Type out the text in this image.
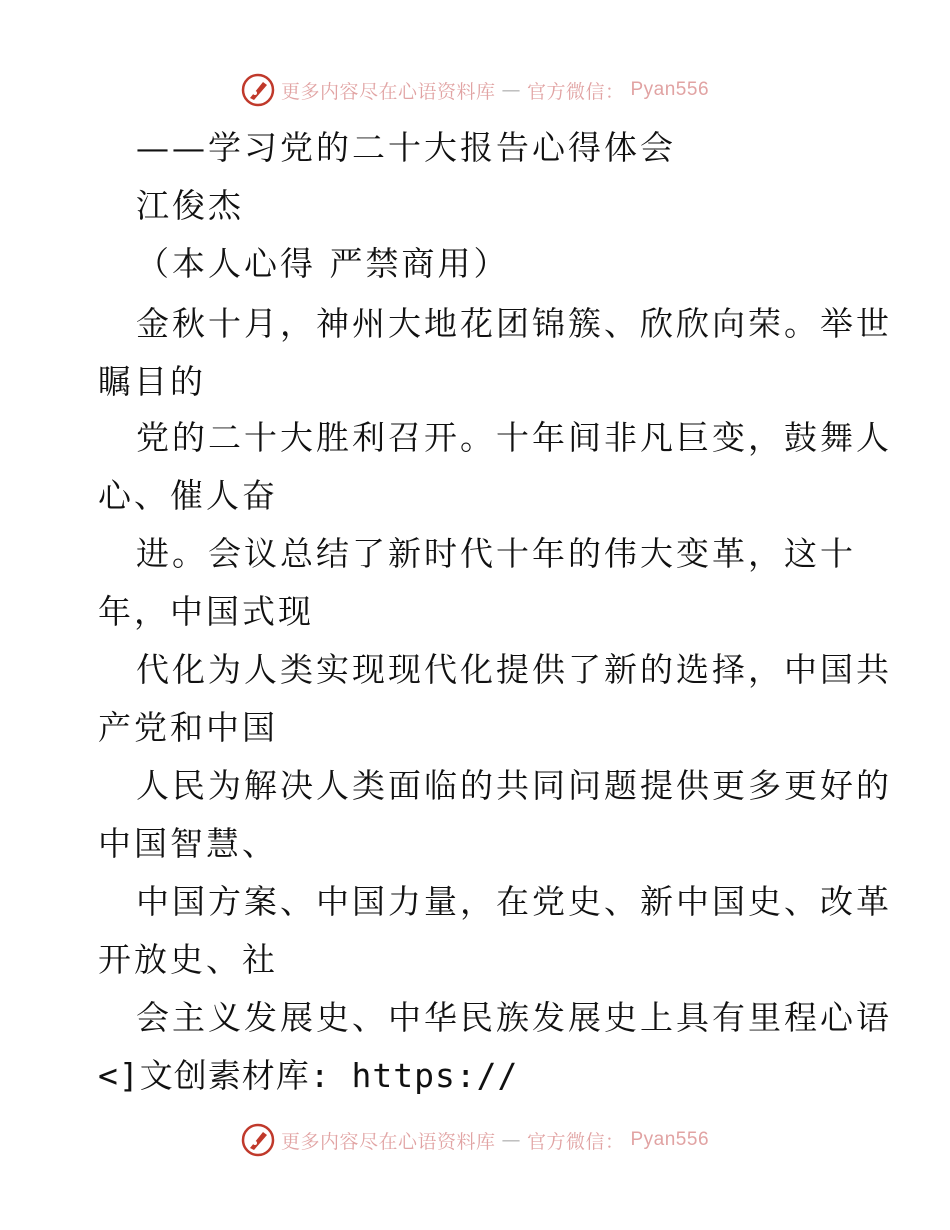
更多内容尽在心语资料库 — 官方微信： Pyan556
——学习党的二十大报告心得体会
江俊杰
（本人心得 严禁商用）
金秋十月，神州大地花团锦簇、欣欣向荣。举世
瞩目的
党的二十大胜利召开。十年间非凡巨变，鼓舞人
心、催人奋
进。会议总结了新时代十年的伟大变革，这十
年，中国式现
代化为人类实现现代化提供了新的选择，中国共
产党和中国
人民为解决人类面临的共同问题提供更多更好的
中国智慧、
中国方案、中国力量，在党史、新中国史、改革
开放史、社
会主义发展史、中华民族发展史上具有里程心语
<]文创素材库: https://
更多内容尽在心语资料库 — 官方微信： Pyan556
